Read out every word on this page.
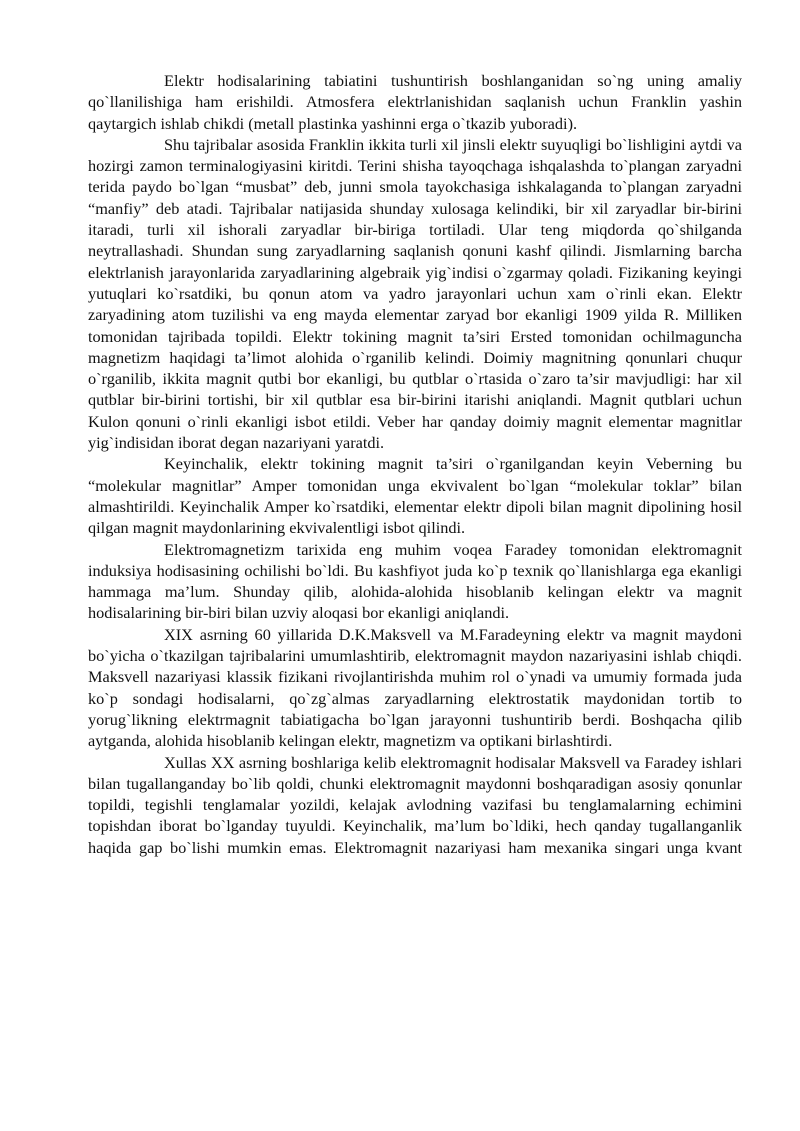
Elektr hodisalarining tabiatini tushuntirish boshlanganidan so`ng uning amaliy qo`llanilishiga ham erishildi. Atmosfera elektrlanishidan saqlanish uchun Franklin yashin qaytargich ishlab chikdi (metall plastinka yashinni erga o`tkazib yuboradi).

Shu tajribalar asosida Franklin ikkita turli xil jinsli elektr suyuqligi bo`lishligini aytdi va hozirgi zamon terminalogiyasini kiritdi. Terini shisha tayoqchaga ishqalashda to`plangan zaryadni terida paydo bo`lgan “musbat” deb, junni smola tayokchasiga ishkalaganda to`plangan zaryadni “manfiy” deb atadi. Tajribalar natijasida shunday xulosaga kelindiki, bir xil zaryadlar bir-birini itaradi, turli xil ishorali zaryadlar bir-biriga tortiladi. Ular teng miqdorda qo`shilganda neytrallashadi. Shundan sung zaryadlarning saqlanish qonuni kashf qilindi. Jismlarning barcha elektrlanish jarayonlarida zaryadlarining algebraik yig`indisi o`zgarmay qoladi. Fizikaning keyingi yutuqlari ko`rsatdiki, bu qonun atom va yadro jarayonlari uchun xam o`rinli ekan. Elektr zaryadining atom tuzilishi va eng mayda elementar zaryad bor ekanligi 1909 yilda R. Milliken tomonidan tajribada topildi. Elektr tokining magnit ta’siri Ersted tomonidan ochilmaguncha magnetizm haqidagi ta’limot alohida o`rganilib kelindi. Doimiy magnitning qonunlari chuqur o`rganilib, ikkita magnit qutbi bor ekanligi, bu qutblar o`rtasida o`zaro ta’sir mavjudligi: har xil qutblar bir-birini tortishi, bir xil qutblar esa bir-birini itarishi aniqlandi. Magnit qutblari uchun Kulon qonuni o`rinli ekanligi isbot etildi. Veber har qanday doimiy magnit elementar magnitlar yig`indisidan iborat degan nazariyani yaratdi.

Keyinchalik, elektr tokining magnit ta’siri o`rganilgandan keyin Veberning bu “molekular magnitlar” Amper tomonidan unga ekvivalent bo`lgan “molekular toklar” bilan almashtirildi. Keyinchalik Amper ko`rsatdiki, elementar elektr dipoli bilan magnit dipolining hosil qilgan magnit maydonlarining ekvivalentligi isbot qilindi.

Elektromagnetizm tarixida eng muhim voqea Faradey tomonidan elektromagnit induksiya hodisasining ochilishi bo`ldi. Bu kashfiyot juda ko`p texnik qo`llanishlarga ega ekanligi hammaga ma’lum. Shunday qilib, alohida-alohida hisoblanib kelingan elektr va magnit hodisalarining bir-biri bilan uzviy aloqasi bor ekanligi aniqlandi.

XIX asrning 60 yillarida D.K.Maksvell va M.Faradeyning elektr va magnit maydoni bo`yicha o`tkazilgan tajribalarini umumlashtirib, elektromagnit maydon nazariyasini ishlab chiqdi. Maksvell nazariyasi klassik fizikani rivojlantirishda muhim rol o`ynadi va umumiy formada juda ko`p sondagi hodisalarni, qo`zg`almas zaryadlarning elektrostatik maydonidan tortib to yorug`likning elektrmagnit tabiatigacha bo`lgan jarayonni tushuntirib berdi. Boshqacha qilib aytganda, alohida hisoblanib kelingan elektr, magnetizm va optikani birlashtirdi.

Xullas XX asrning boshlariga kelib elektromagnit hodisalar Maksvell va Faradey ishlari bilan tugallanganday bo`lib qoldi, chunki elektromagnit maydonni boshqaradigan asosiy qonunlar topildi, tegishli tenglamalar yozildi, kelajak avlodning vazifasi bu tenglamalarning echimini topishdan iborat bo`lganday tuyuldi. Keyinchalik, ma’lum bo`ldiki, hech qanday tugallanganlik haqida gap bo`lishi mumkin emas. Elektromagnit nazariyasi ham mexanika singari unga kvant
